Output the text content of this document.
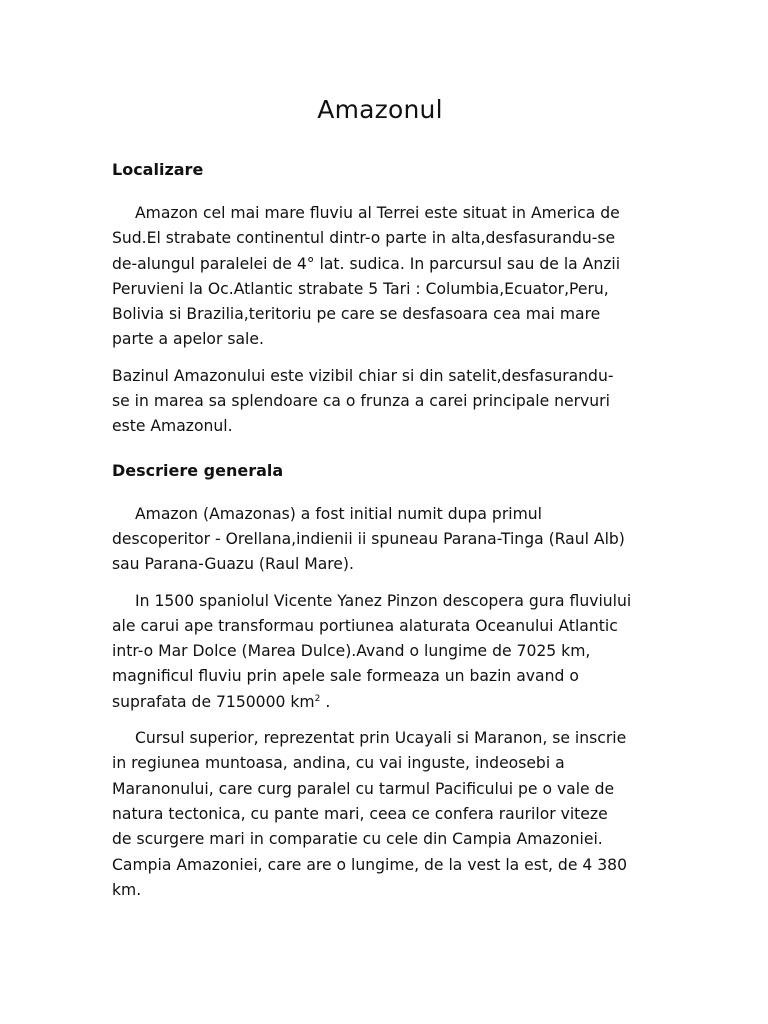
Amazonul
Localizare

Amazon cel mai mare fluviu al Terrei este situat in America de
Sud.El strabate continentul dintr-o parte in alta,desfasurandu-se
de-alungul paralelei de 4° lat. sudica. In parcursul sau de la Anzii
Peruvieni la Oc.Atlantic strabate 5 Tari : Columbia,Ecuator,Peru,
Bolivia si Brazilia,teritoriu pe care se desfasoara cea mai mare
parte a apelor sale.

Bazinul Amazonului este vizibil chiar si din satelit,desfasurandu-
se in marea sa splendoare ca o frunza a carei principale nervuri
este Amazonul.

Descriere generala

Amazon (Amazonas) a fost initial numit dupa primul
descoperitor - Orellana,indienii ii spuneau Parana-Tinga (Raul Alb)
sau Parana-Guazu (Raul Mare).

In 1500 spaniolul Vicente Yanez Pinzon descopera gura fluviului
ale carui ape transformau portiunea alaturata Oceanului Atlantic
intr-o Mar Dolce (Marea Dulce).Avand o lungime de 7025 km,
magnificul fluviu prin apele sale formeaza un bazin avand o
suprafata de 7150000 $km^2$ .

Cursul superior, reprezentat prin Ucayali si Maranon, se inscrie
in regiunea muntoasa, andina, cu vai inguste, indeosebi a
Maranonului, care curg paralel cu tarmul Pacificului pe o vale de
natura tectonica, cu pante mari, ceea ce confera raurilor viteze
de scurgere mari in comparatie cu cele din Campia Amazoniei.
Campia Amazoniei, care are o lungime, de la vest la est, de 4 380
km.
